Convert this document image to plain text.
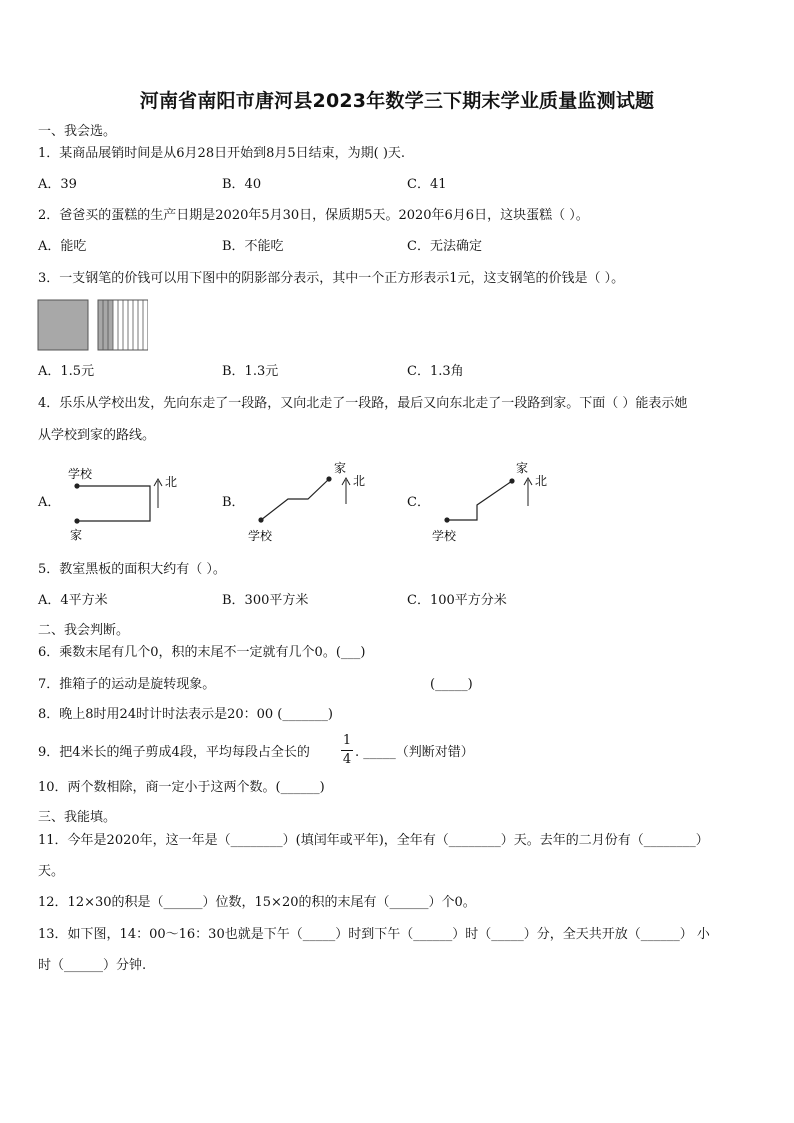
河南省南阳市唐河县2023年数学三下期末学业质量监测试题
一、我会选。
1．某商品展销时间是从6月28日开始到8月5日结束，为期( )天.
A．39	B．40	C．41
2．爸爸买的蛋糕的生产日期是2020年5月30日，保质期5天。2020年6月6日，这块蛋糕（ ）。
A．能吃	B．不能吃	C．无法确定
3．一支钢笔的价钱可以用下图中的阴影部分表示，其中一个正方形表示1元，这支钢笔的价钱是（ ）。
A．1.5元	B．1.3元	C．1.3角
4．乐乐从学校出发，先向东走了一段路，又向北走了一段路，最后又向东北走了一段路到家。下面（ ）能表示她
从学校到家的路线。
A．
学校
家
北
B．
家
学校
北
C．
家
学校
北
5．教室黑板的面积大约有（ ）。
A．4平方米	B．300平方米	C．100平方分米
二、我会判断。
6．乘数末尾有几个0，积的末尾不一定就有几个0。(___)
7．推箱子的运动是旋转现象。	(_____)
8．晚上8时用24时计时法表示是20：00 (_______)
9．把4米长的绳子剪成4段，平均每段占全长的
1
4 . _____（判断对错）
10．两个数相除，商一定小于这两个数。(______)
三、我能填。
11．今年是2020年，这一年是（________）(填闰年或平年)，全年有（________）天。去年的二月份有（________）
天。
12．12×30的积是（______）位数，15×20的积的末尾有（______）个0。
13．如下图，14：00～16：30也就是下午（_____）时到下午（______）时（_____）分，全天共开放（______） 小
时（______）分钟.
